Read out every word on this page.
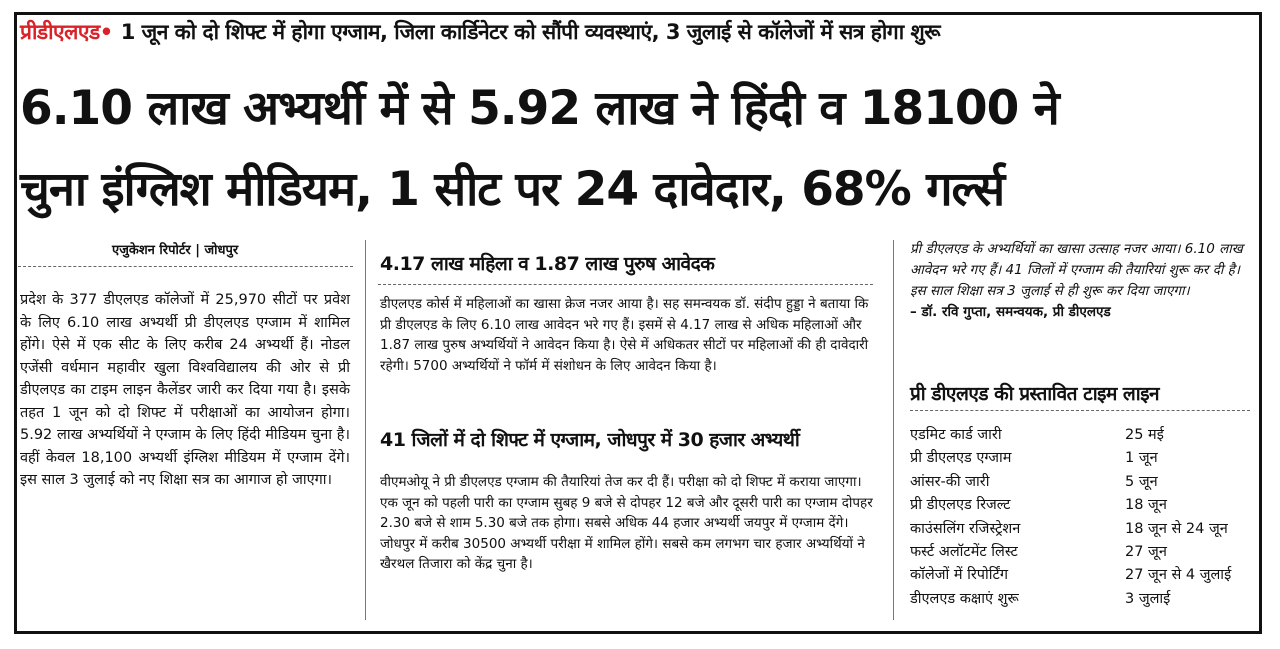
प्रीडीएलएड• 1 जून को दो शिफ्ट में होगा एग्जाम, जिला कार्डिनेटर को सौंपी व्यवस्थाएं, 3 जुलाई से कॉलेजों में सत्र होगा शुरू
6.10 लाख अभ्यर्थी में से 5.92 लाख ने हिंदी व 18100 ने
चुना इंग्लिश मीडियम, 1 सीट पर 24 दावेदार, 68% गर्ल्स
एजुकेशन रिपोर्टर | जोधपुर
प्रदेश के 377 डीएलएड कॉलेजों में 25,970 सीटों पर प्रवेश के लिए 6.10 लाख अभ्यर्थी प्री डीएलएड एग्जाम में शामिल होंगे। ऐसे में एक सीट के लिए करीब 24 अभ्यर्थी हैं। नोडल एजेंसी वर्धमान महावीर खुला विश्वविद्यालय की ओर से प्री डीएलएड का टाइम लाइन कैलेंडर जारी कर दिया गया है। इसके तहत 1 जून को दो शिफ्ट में परीक्षाओं का आयोजन होगा। 5.92 लाख अभ्यर्थियों ने एग्जाम के लिए हिंदी मीडियम चुना है। वहीं केवल 18,100 अभ्यर्थी इंग्लिश मीडियम में एग्जाम देंगे। इस साल 3 जुलाई को नए शिक्षा सत्र का आगाज हो जाएगा।
4.17 लाख महिला व 1.87 लाख पुरुष आवेदक
डीएलएड कोर्स में महिलाओं का खासा क्रेज नजर आया है। सह समन्वयक डॉ. संदीप हुड्डा ने बताया कि प्री डीएलएड के लिए 6.10 लाख आवेदन भरे गए हैं। इसमें से 4.17 लाख से अधिक महिलाओं और 1.87 लाख पुरुष अभ्यर्थियों ने आवेदन किया है। ऐसे में अधिकतर सीटों पर महिलाओं की ही दावेदारी रहेगी। 5700 अभ्यर्थियों ने फॉर्म में संशोधन के लिए आवेदन किया है।
41 जिलों में दो शिफ्ट में एग्जाम, जोधपुर में 30 हजार अभ्यर्थी
वीएमओयू ने प्री डीएलएड एग्जाम की तैयारियां तेज कर दी हैं। परीक्षा को दो शिफ्ट में कराया जाएगा। एक जून को पहली पारी का एग्जाम सुबह 9 बजे से दोपहर 12 बजे और दूसरी पारी का एग्जाम दोपहर 2.30 बजे से शाम 5.30 बजे तक होगा। सबसे अधिक 44 हजार अभ्यर्थी जयपुर में एग्जाम देंगे। जोधपुर में करीब 30500 अभ्यर्थी परीक्षा में शामिल होंगे। सबसे कम लगभग चार हजार अभ्यर्थियों ने खैरथल तिजारा को केंद्र चुना है।
प्री डीएलएड के अभ्यर्थियों का खासा उत्साह नजर आया। 6.10 लाख आवेदन भरे गए हैं। 41 जिलों में एग्जाम की तैयारियां शुरू कर दी है। इस साल शिक्षा सत्र 3 जुलाई से ही शुरू कर दिया जाएगा।
– डॉ. रवि गुप्ता, समन्वयक, प्री डीएलएड
प्री डीएलएड की प्रस्तावित टाइम लाइन
एडमिट कार्ड जारी	25 मई
प्री डीएलएड एग्जाम	1 जून
आंसर-की जारी	5 जून
प्री डीएलएड रिजल्ट	18 जून
काउंसलिंग रजिस्ट्रेशन	18 जून से 24 जून
फर्स्ट अलॉटमेंट लिस्ट	27 जून
कॉलेजों में रिपोर्टिंग	27 जून से 4 जुलाई
डीएलएड कक्षाएं शुरू	3 जुलाई
